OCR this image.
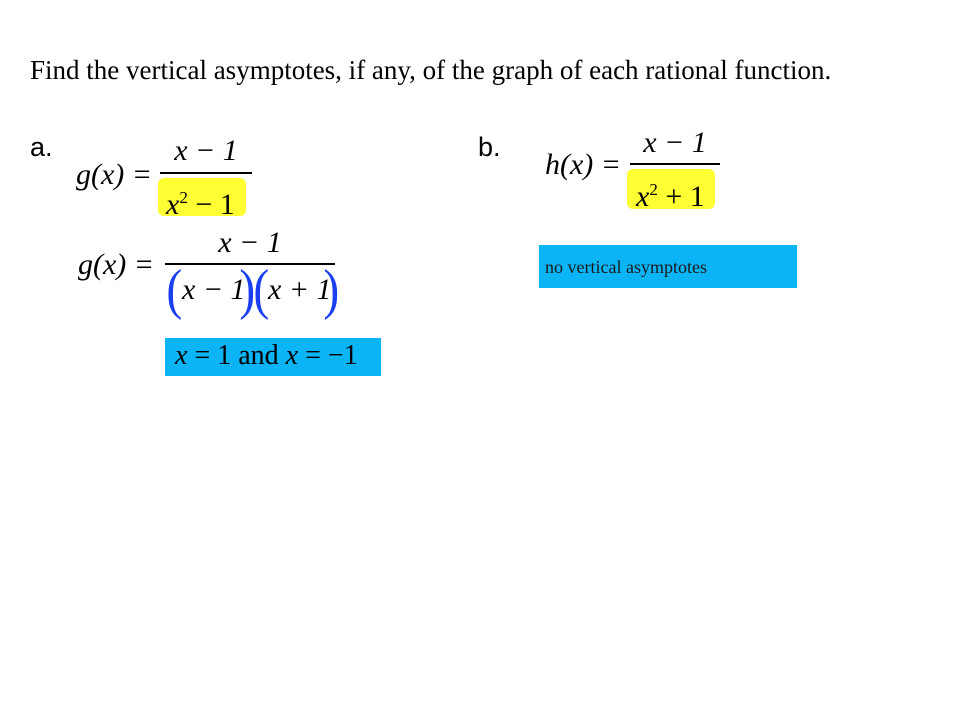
Find the vertical asymptotes, if any, of the graph of each rational function.
a.
g(x) =
x − 1
$x^2 - 1$
g(x) =
x − 1
( x − 1
)
(
x + 1
)
x = 1 and x = −1
b.
h(x) =
x − 1
$x^2 + 1$
no vertical asymptotes
